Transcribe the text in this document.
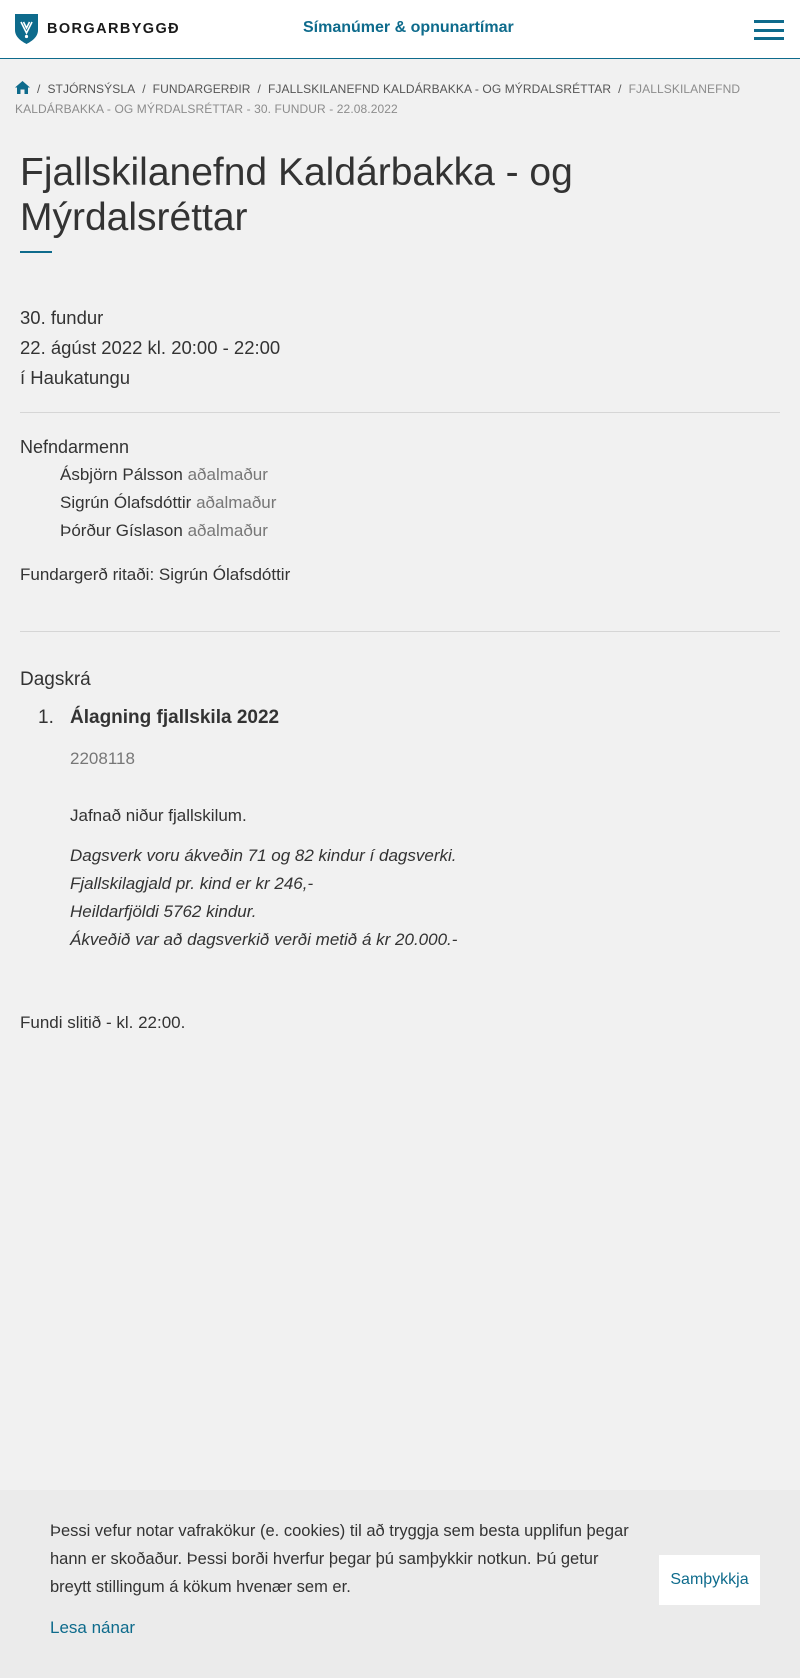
BORGARBYGGÐ	Símanúmer & opnunartímar
/ STJÓRNSÝSLA / FUNDARGERÐIR / FJALLSKILANEFND KALDÁRBAKKA - OG MÝRDALSRÉTTAR / FJALLSKILANEFND KALDÁRBAKKA - OG MÝRDALSRÉTTAR - 30. FUNDUR - 22.08.2022
Fjallskilanefnd Kaldárbakka - og Mýrdalsréttar
30. fundur
22. ágúst 2022 kl. 20:00 - 22:00
í Haukatungu
Nefndarmenn
Ásbjörn Pálsson aðalmaður
Sigrún Ólafsdóttir aðalmaður
Þórður Gíslason aðalmaður
Fundargerð ritaði: Sigrún Ólafsdóttir
Dagskrá
1. Álagning fjallskila 2022
2208118
Jafnað niður fjallskilum.
Dagsverk voru ákveðin 71 og 82 kindur í dagsverki.
Fjallskilagjald pr. kind er kr 246,-
Heildarfjöldi 5762 kindur.
Ákveðið var að dagsverkið verði metið á kr 20.000.-
Fundi slitið - kl. 22:00.

Þessi vefur notar vafrakökur (e. cookies) til að tryggja sem besta upplifun þegar hann er skoðaður. Þessi borði hverfur þegar þú samþykkir notkun. Þú getur breytt stillingum á kökum hvenær sem er.

Lesa nánar
Samþykkja
